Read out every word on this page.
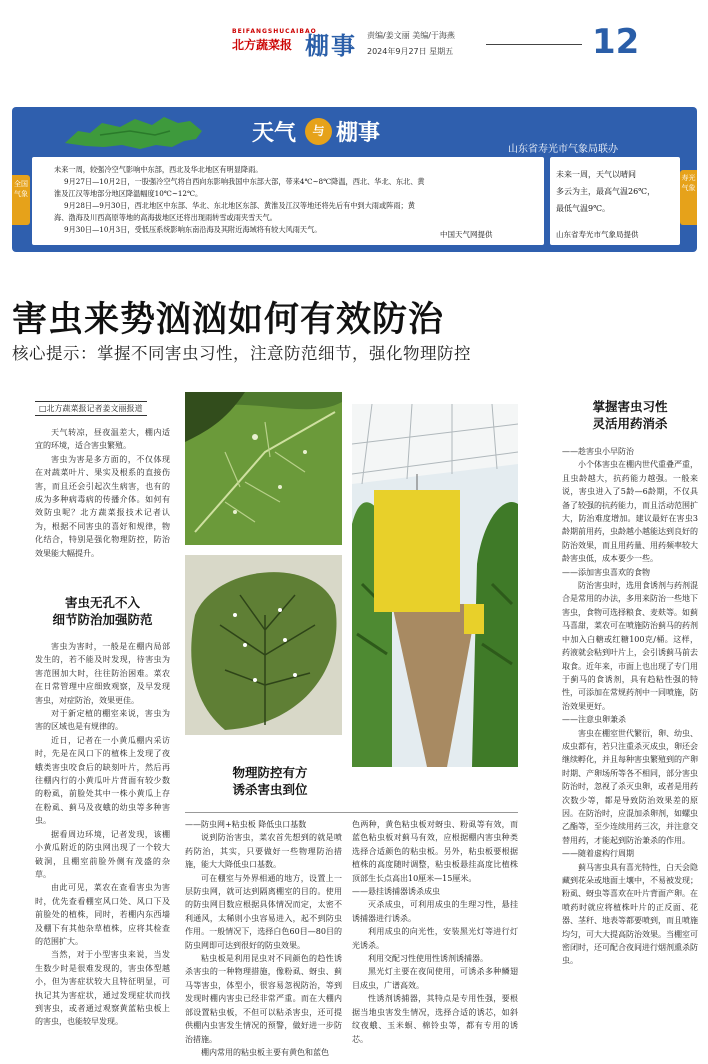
BEIFANGSHUCAIBAO
北方蔬菜报 棚事 责编/姜文丽 美编/于海燕
2024年9月27日 星期五	12
天气	与 棚事
山东省寿光市气象局联办
全国气象
寿光气象

未来一周，较强冷空气影响中东部，西北及华北地区有明显降雨。

9月27日—10月2日，一股强冷空气将自西向东影响我国中东部大部，带来4℃~8℃降温，西北、华北、东北、黄

淮及江汉等地部分地区降温幅度10℃~12℃。

9月28日—9月30日，西北地区中东部、华北、东北地区东部、黄淮及江汉等地还将先后有中到大雨或阵雨；黄

海、渤海及川西高原等地的高海拔地区还将出现雨转雪或雨夹雪天气。

9月30日—10月3日，受低压系统影响东南沿海及其附近海域将有较大风雨天气。

中国天气网提供

未来一周，天气以晴间

多云为主，最高气温26℃，

最低气温9℃。

山东省寿光市气象局提供
害虫来势汹汹如何有效防治
核心提示：掌握不同害虫习性，注意防范细节，强化物理防控
□北方蔬菜报记者姜文丽报道

天气转凉，昼夜温差大，棚内适宜的环境，适合害虫繁殖。

害虫为害是多方面的，不仅体现在对蔬菜叶片、果实及根系的直接伤害，而且还会引起次生病害，也有的成为多种病毒病的传播介体。如何有效防虫呢？北方蔬菜报技术记者认为，根据不同害虫的喜好和规律，物化结合，特别是强化物理防控，防治效果能大幅提升。

害虫无孔不入
细节防治加强防范

害虫为害时，一般是在棚内局部发生的，若不能及时发现，待害虫为害范围加大时，往往防治困难。菜农在日常管理中应细致观察，及早发现害虫，对症防治，效果更佳。

对于新定植的棚室来说，害虫为害的区域也是有规律的。

近日，记者在一小黄瓜棚内采访时，先是在风口下的植株上发现了夜蛾类害虫咬食后的缺刻叶片，然后再往棚内行的小黄瓜叶片背面有较少数的粉虱，前脸处其中一株小黄瓜上存在粉虱、蓟马及夜蛾的幼虫等多种害虫。

据看周边环境，记者发现，该棚小黄瓜附近的防虫网出现了一个较大破洞，且棚室前脸外侧有茂盛的杂草。

由此可见，菜农在查看害虫为害时，优先查看棚室风口处、风口下及前脸处的植株，同时，若棚内东西墙及棚下有其他杂草植株，应将其检查的范围扩大。

当然，对于小型害虫来说，当发生数少时是很难发现的，害虫体型越小，但为害症状较大且特征明显，可执记其为害症状，通过发现症状而找到害虫，或者通过观察黄蓝粘虫板上的害虫，也能较早发现。

物理防控有方
诱杀害虫到位

——防虫网+粘虫板 降低虫口基数

说到防治害虫，菜农首先想到的就是喷药防治，其实，只要做好一些物理防治措施，能大大降低虫口基数。

可在棚室与外界相通的地方，设置上一层防虫网，就可达到隔离棚室的目的。使用的防虫网目数应根据具体情况而定，太密不利通风，太稀则小虫容易进入，起不到防虫作用。一般情况下，选择白色60目—80目的防虫网即可达到很好的防虫效果。

粘虫板是利用昆虫对不同颜色的趋性诱杀害虫的一种物理措施，像粉虱、蚜虫、蓟马等害虫，体型小，很容易忽视防治，等到发现时棚内害虫已经非常严重。而在大棚内部设置粘虫板，不但可以粘杀害虫，还可提供棚内虫害发生情况的预警，做好进一步防治措施。

棚内常用的粘虫板主要有黄色和蓝色

色两种，黄色粘虫板对蚜虫、粉虱等有效，而蓝色粘虫板对蓟马有效，应根据棚内害虫种类选择合适颜色的粘虫板。另外，粘虫板要根据植株的高度随时调整，粘虫板悬挂高度比植株顶部生长点高出10厘米—15厘米。

——悬挂诱捕器诱杀成虫

灭杀成虫，可利用成虫的生理习性，悬挂诱捕器进行诱杀。

利用成虫的向光性，安装黑光灯等进行灯光诱杀。

利用交配习性使用性诱剂诱捕器。

黑光灯主要在夜间使用，可诱杀多种鳞翅目成虫，广谱高效。

性诱剂诱捕器，其特点是专用性强，要根据当地虫害发生情况，选择合适的诱芯，如斜纹夜蛾、玉米螟、棉铃虫等，都有专用的诱芯。

掌握害虫习性
灵活用药消杀

——趁害虫小早防治

小个体害虫在棚内世代重叠严重，且虫龄越大，抗药能力越强。一般来说，害虫进入了5龄—6龄期，不仅具备了较强的抗药能力，而且活动范围扩大，防治难度增加。建议最好在害虫3龄期前用药，虫龄越小越能达到良好的防治效果，而且用药量、用药频率较大龄害虫低，成本要少一些。

——添加害虫喜欢的食物

防治害虫时，选用食诱剂与药剂混合是常用的办法，多用来防治一些地下害虫，食物可选择粮食、麦麸等。如蓟马喜甜，菜农可在喷施防治蓟马的药剂中加入白糖或红糖100克/桶。这样，药液就会粘到叶片上，会引诱蓟马前去取食。近年来，市面上也出现了专门用于蓟马的食诱剂，具有趋粘性强的特性，可添加在常规药剂中一同喷施，防治效果更好。

——注意虫卵兼杀

害虫在棚室世代繁衍，卵、幼虫、成虫都有，若只注重杀灭成虫，卵还会继续孵化，并且每种害虫繁殖到的产卵时期、产卵场所等各不相同，部分害虫防治时，忽视了杀灭虫卵，或者是用药次数少等，都是导致防治效果差的原因。在防治时，应混加杀卵剂，如螺虫乙酯等，至少连续用药三次，并注意交替用药，才能起到防治兼杀的作用。

——随着虚构行周期

蓟马害虫具有喜光特性，白天会隐藏到花朵或地面土壤中，不易被发现；粉虱、蚜虫等喜欢在叶片背面产卵。在喷药时就应将植株叶片的正反面、花器、茎秆、地表等都要喷到，而且喷施均匀，可大大提高防治效果。当棚室可密闭时，还可配合夜间进行烟剂熏杀防虫。
